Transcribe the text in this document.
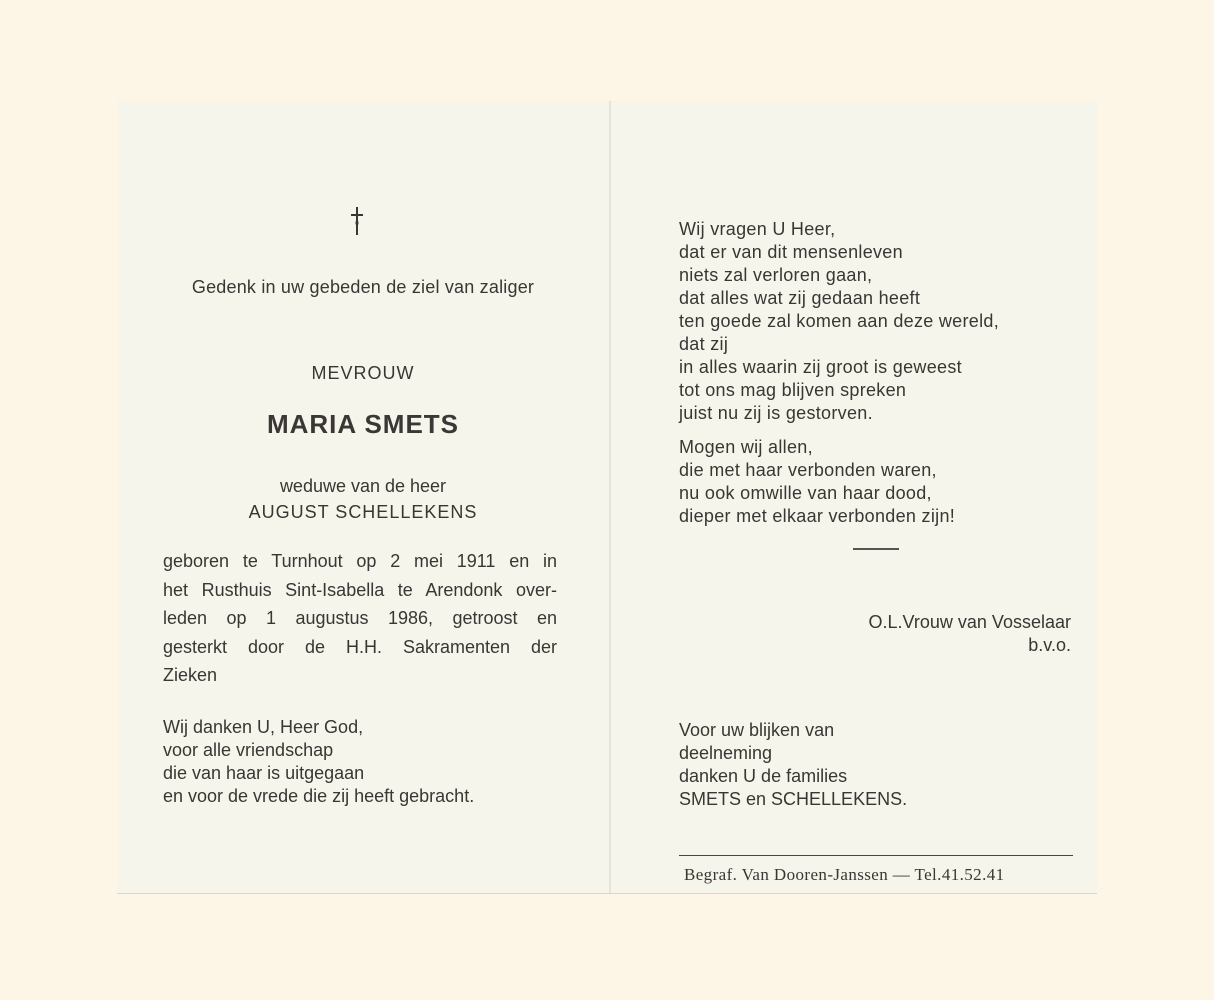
Gedenk in uw gebeden de ziel van zaliger
MEVROUW
MARIA SMETS
weduwe van de heer
AUGUST SCHELLEKENS
geboren te Turnhout op 2 mei 1911 en in
het Rusthuis Sint-Isabella te Arendonk over-
leden op 1 augustus 1986, getroost en
gesterkt door de H.H. Sakramenten der
Zieken
Wij danken U, Heer God,
voor alle vriendschap
die van haar is uitgegaan
en voor de vrede die zij heeft gebracht.
Wij vragen U Heer,
dat er van dit mensenleven
niets zal verloren gaan,
dat alles wat zij gedaan heeft
ten goede zal komen aan deze wereld,
dat zij
in alles waarin zij groot is geweest
tot ons mag blijven spreken
juist nu zij is gestorven.
Mogen wij allen,
die met haar verbonden waren,
nu ook omwille van haar dood,
dieper met elkaar verbonden zijn!
O.L.Vrouw van Vosselaar
b.v.o.
Voor uw blijken van
deelneming
danken U de families
SMETS en SCHELLEKENS.
Begraf. Van Dooren-Janssen — Tel.41.52.41
